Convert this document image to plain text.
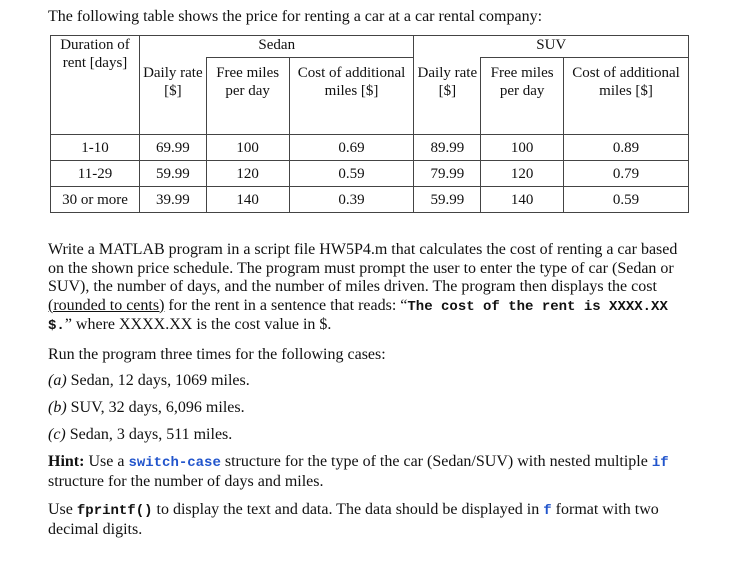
The following table shows the price for renting a car at a car rental company:
Duration of rent [days]	Sedan			SUV		
	Daily rate [$]	Free miles per day	Cost of additional miles [$]	Daily rate [$]	Free miles per day	Cost of additional miles [$]
1-10	69.99	100	0.69	89.99	100	0.89
11-29	59.99	120	0.59	79.99	120	0.79
30 or more	39.99	140	0.39	59.99	140	0.59
Write a MATLAB program in a script file HW5P4.m that calculates the cost of renting a car based on the shown price schedule. The program must prompt the user to enter the type of car (Sedan or SUV), the number of days, and the number of miles driven. The program then displays the cost (rounded to cents) for the rent in a sentence that reads: “The cost of the rent is XXXX.XX $.” where XXXX.XX is the cost value in $.
Run the program three times for the following cases:
(a) Sedan, 12 days, 1069 miles.
(b) SUV, 32 days, 6,096 miles.
(c) Sedan, 3 days, 511 miles.
Hint: Use a switch-case structure for the type of the car (Sedan/SUV) with nested multiple if structure for the number of days and miles.
Use fprintf() to display the text and data. The data should be displayed in f format with two decimal digits.
